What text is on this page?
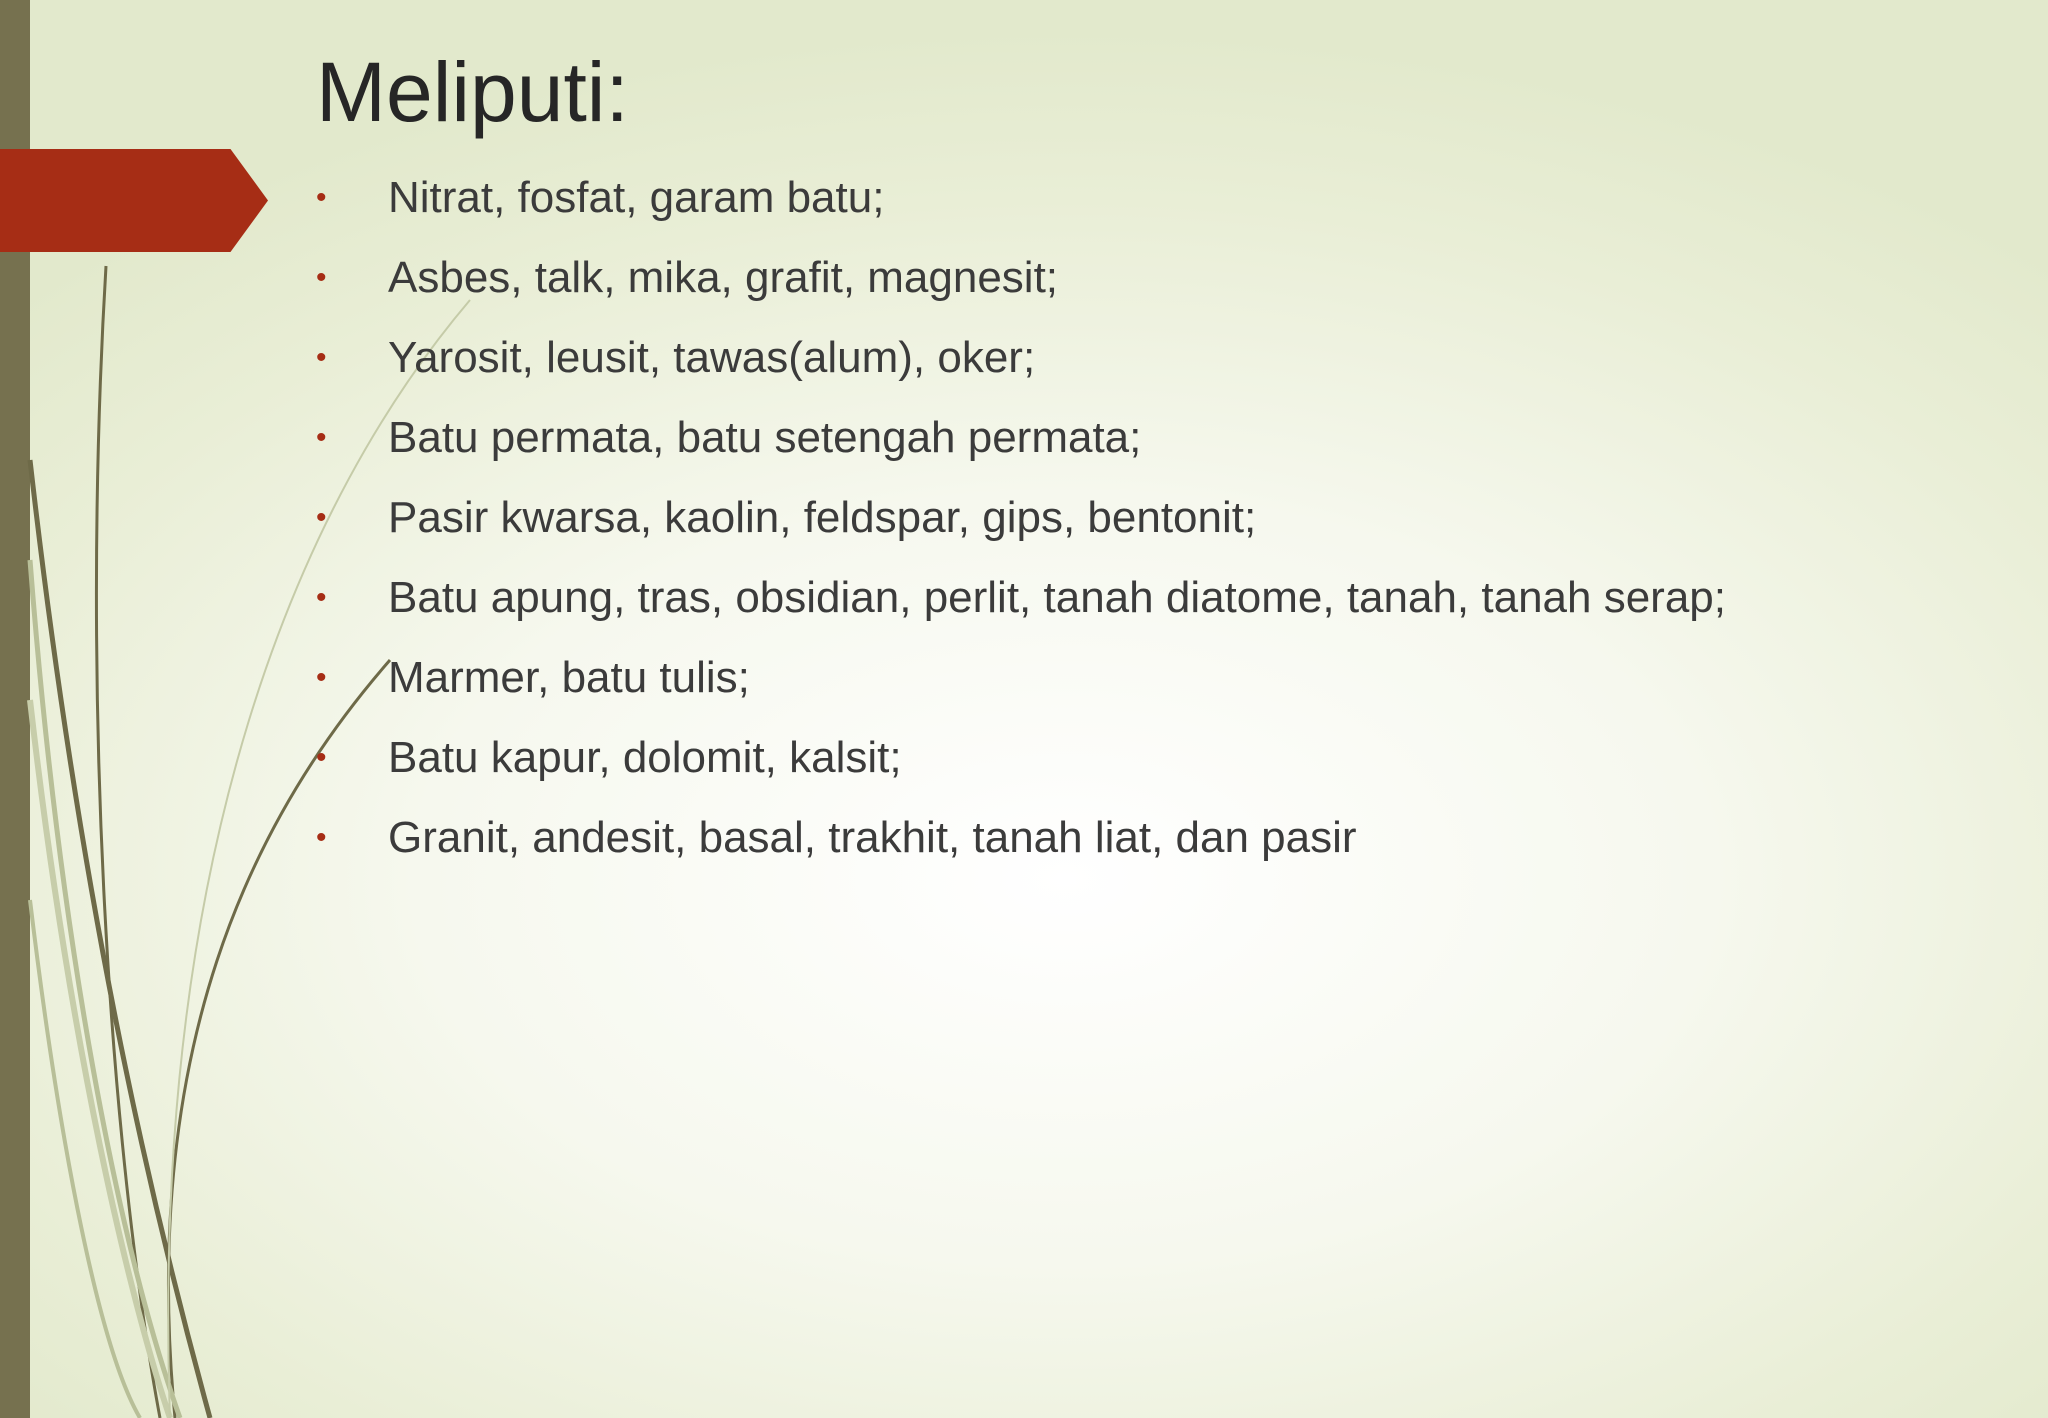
Meliputi:
• Nitrat, fosfat, garam batu;
• Asbes, talk, mika, grafit, magnesit;
• Yarosit, leusit, tawas(alum), oker;
• Batu permata, batu setengah permata;
• Pasir kwarsa, kaolin, feldspar, gips, bentonit;
• Batu apung, tras, obsidian, perlit, tanah diatome, tanah, tanah serap;
• Marmer, batu tulis;
• Batu kapur, dolomit, kalsit;
• Granit, andesit, basal, trakhit, tanah liat, dan pasir
